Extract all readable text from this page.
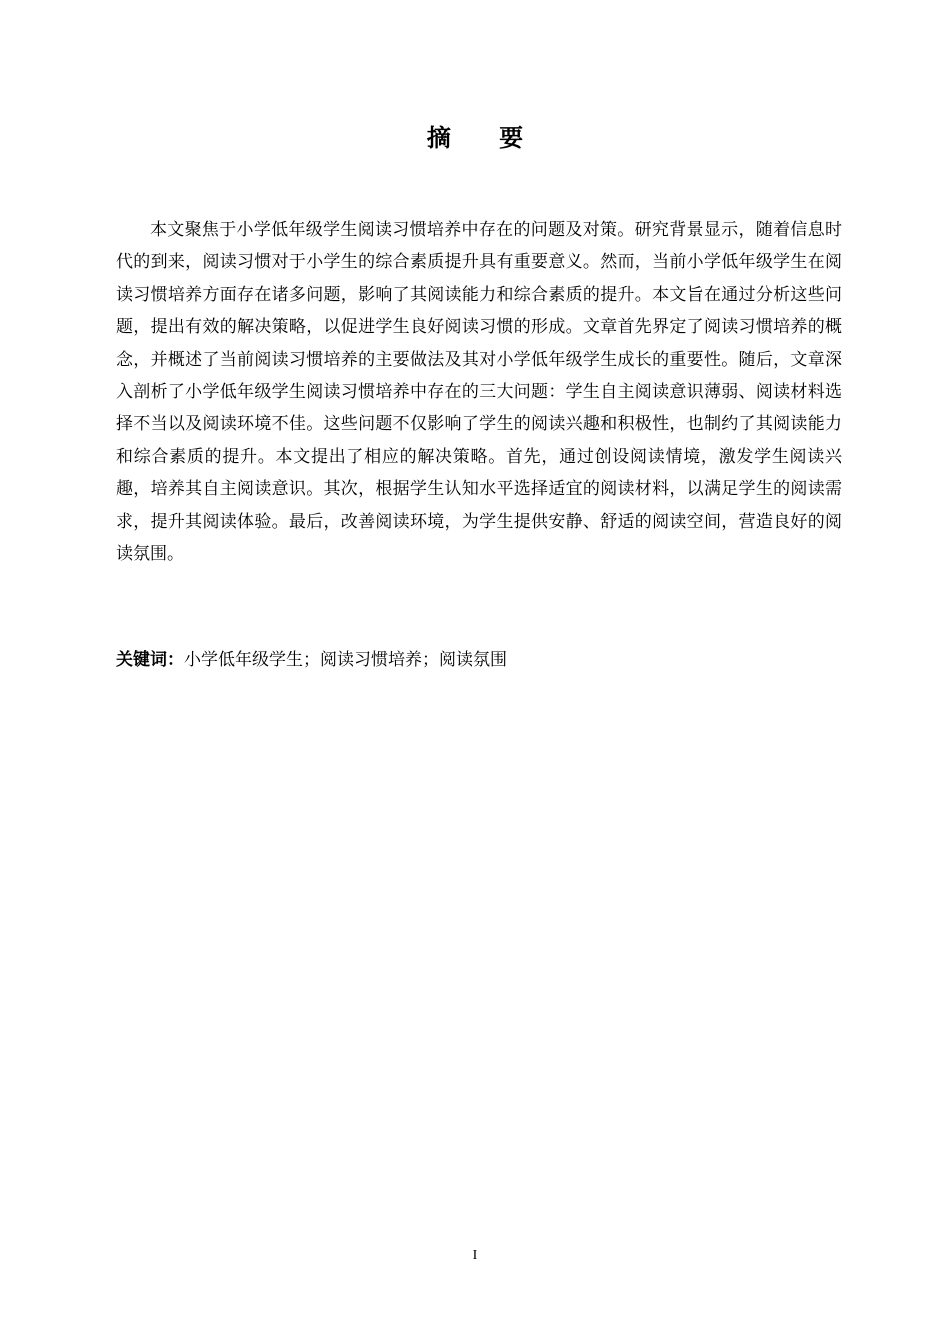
摘 要

本文聚焦于小学低年级学生阅读习惯培养中存在的问题及对策。研究背景显示，随着信息时代的到来，阅读习惯对于小学生的综合素质提升具有重要意义。然而，当前小学低年级学生在阅读习惯培养方面存在诸多问题，影响了其阅读能力和综合素质的提升。本文旨在通过分析这些问题，提出有效的解决策略，以促进学生良好阅读习惯的形成。文章首先界定了阅读习惯培养的概念，并概述了当前阅读习惯培养的主要做法及其对小学低年级学生成长的重要性。随后，文章深入剖析了小学低年级学生阅读习惯培养中存在的三大问题：学生自主阅读意识薄弱、阅读材料选择不当以及阅读环境不佳。这些问题不仅影响了学生的阅读兴趣和积极性，也制约了其阅读能力和综合素质的提升。本文提出了相应的解决策略。首先，通过创设阅读情境，激发学生阅读兴趣，培养其自主阅读意识。其次，根据学生认知水平选择适宜的阅读材料，以满足学生的阅读需求，提升其阅读体验。最后，改善阅读环境，为学生提供安静、舒适的阅读空间，营造良好的阅读氛围。

关键词：小学低年级学生；阅读习惯培养；阅读氛围

I
